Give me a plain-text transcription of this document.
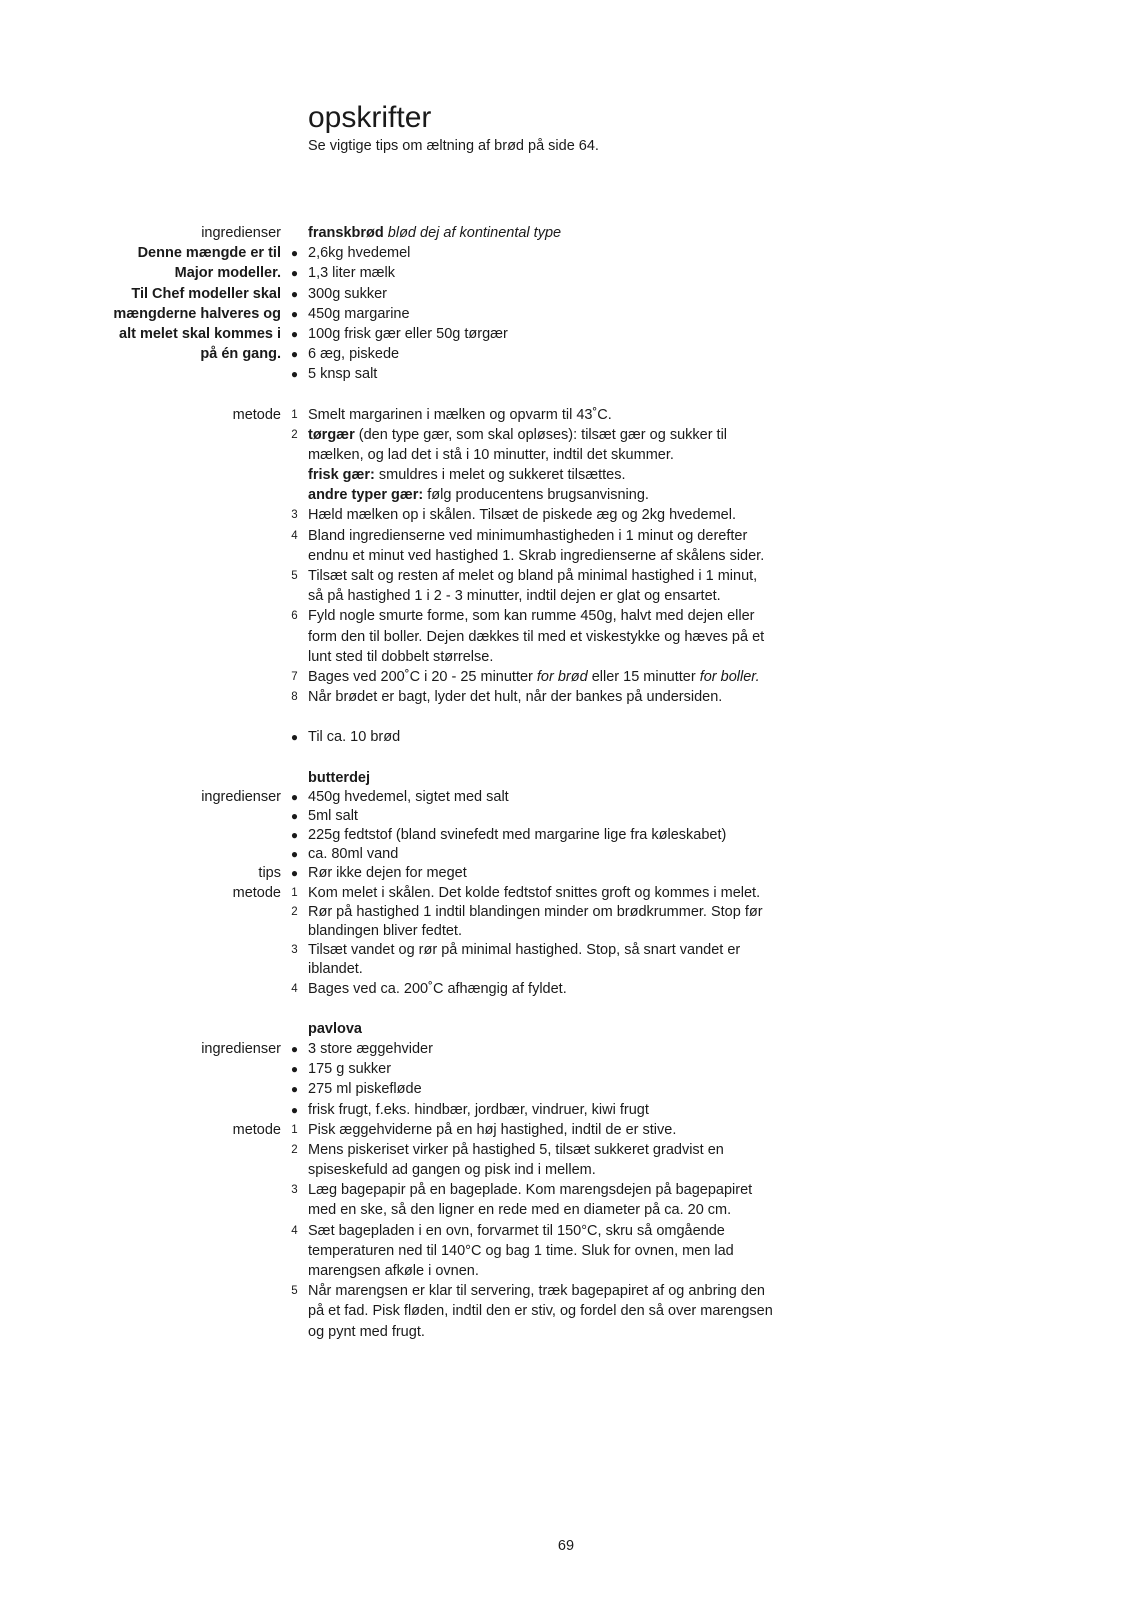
opskrifter
Se vigtige tips om æltning af brød på side 64.
ingredienser franskbrød blød dej af kontinental type
Denne mængde er til ● 2,6kg hvedemel
Major modeller. ● 1,3 liter mælk
Til Chef modeller skal ● 300g sukker
mængderne halveres og ● 450g margarine
alt melet skal kommes i ● 100g frisk gær eller 50g tørgær
på én gang. ● 6 æg, piskede
● 5 knsp salt
metode 1 Smelt margarinen i mælken og opvarm til 43˚C.
2 tørgær (den type gær, som skal opløses): tilsæt gær og sukker til
mælken, og lad det i stå i 10 minutter, indtil det skummer.
frisk gær: smuldres i melet og sukkeret tilsættes.
andre typer gær: følg producentens brugsanvisning.
3 Hæld mælken op i skålen. Tilsæt de piskede æg og 2kg hvedemel.
4 Bland ingredienserne ved minimumhastigheden i 1 minut og derefter
endnu et minut ved hastighed 1. Skrab ingredienserne af skålens sider.
5 Tilsæt salt og resten af melet og bland på minimal hastighed i 1 minut,
så på hastighed 1 i 2 - 3 minutter, indtil dejen er glat og ensartet.
6 Fyld nogle smurte forme, som kan rumme 450g, halvt med dejen eller
form den til boller. Dejen dækkes til med et viskestykke og hæves på et
lunt sted til dobbelt størrelse.
7 Bages ved 200˚C i 20 - 25 minutter for brød eller 15 minutter for boller.
8 Når brødet er bagt, lyder det hult, når der bankes på undersiden.
● Til ca. 10 brød
butterdej
ingredienser ● 450g hvedemel, sigtet med salt
● 5ml salt
● 225g fedtstof (bland svinefedt med margarine lige fra køleskabet)
● ca. 80ml vand
tips ● Rør ikke dejen for meget
metode 1 Kom melet i skålen. Det kolde fedtstof snittes groft og kommes i melet.
2 Rør på hastighed 1 indtil blandingen minder om brødkrummer. Stop før
blandingen bliver fedtet.
3 Tilsæt vandet og rør på minimal hastighed. Stop, så snart vandet er
iblandet.
4 Bages ved ca. 200˚C afhængig af fyldet.
pavlova
ingredienser ● 3 store æggehvider
● 175 g sukker
● 275 ml piskefløde
● frisk frugt, f.eks. hindbær, jordbær, vindruer, kiwi frugt
metode 1 Pisk æggehviderne på en høj hastighed, indtil de er stive.
2 Mens piskeriset virker på hastighed 5, tilsæt sukkeret gradvist en
spiseskefuld ad gangen og pisk ind i mellem.
3 Læg bagepapir på en bageplade. Kom marengsdejen på bagepapiret
med en ske, så den ligner en rede med en diameter på ca. 20 cm.
4 Sæt bagepladen i en ovn, forvarmet til 150°C, skru så omgående
temperaturen ned til 140°C og bag 1 time. Sluk for ovnen, men lad
marengsen afkøle i ovnen.
5 Når marengsen er klar til servering, træk bagepapiret af og anbring den
på et fad. Pisk fløden, indtil den er stiv, og fordel den så over marengsen
og pynt med frugt.
69
